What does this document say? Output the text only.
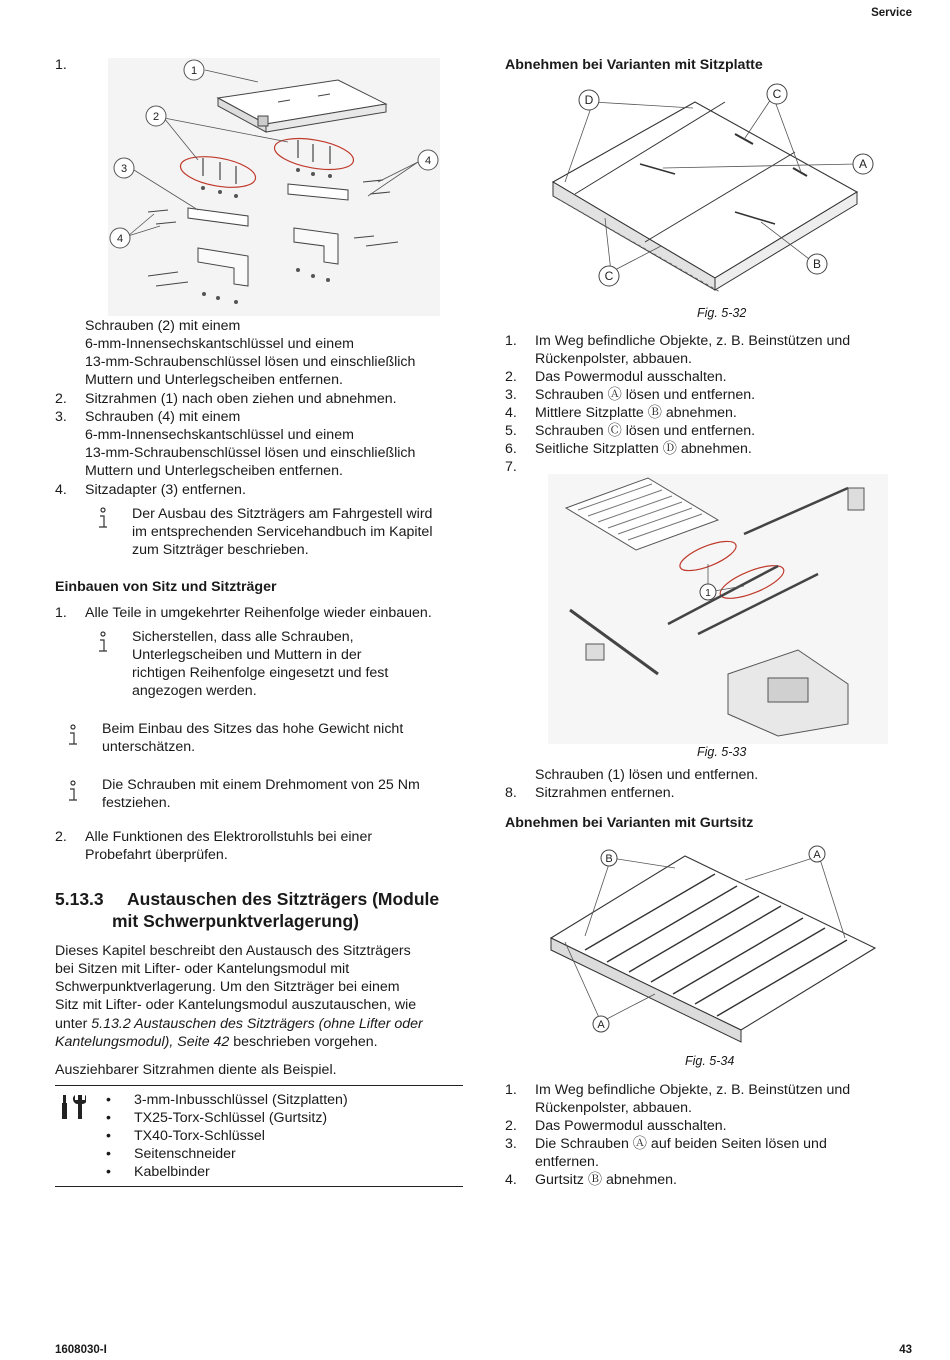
Service
1.	1
2
3
4
4
Schrauben (2) mit einem
6-mm-Innensechskantschlüssel und einem
13-mm-Schraubenschlüssel lösen und einschließlich
Muttern und Unterlegscheiben entfernen.
2. Sitzrahmen (1) nach oben ziehen und abnehmen.
3. Schrauben (4) mit einem
6-mm-Innensechskantschlüssel und einem
13-mm-Schraubenschlüssel lösen und einschließlich
Muttern und Unterlegscheiben entfernen.
4. Sitzadapter (3) entfernen.
Der Ausbau des Sitzträgers am Fahrgestell wird
im entsprechenden Servicehandbuch im Kapitel
zum Sitzträger beschrieben.
Einbauen von Sitz und Sitzträger
1. Alle Teile in umgekehrter Reihenfolge wieder einbauen.
Sicherstellen, dass alle Schrauben,
Unterlegscheiben und Muttern in der
richtigen Reihenfolge eingesetzt und fest
angezogen werden.
Beim Einbau des Sitzes das hohe Gewicht nicht
unterschätzen.
Die Schrauben mit einem Drehmoment von 25 Nm
festziehen.
2. Alle Funktionen des Elektrorollstuhls bei einer
Probefahrt überprüfen.
5.13.3 Austauschen des Sitzträgers (Module
mit Schwerpunktverlagerung)
Dieses Kapitel beschreibt den Austausch des Sitzträgers
bei Sitzen mit Lifter- oder Kantelungsmodul mit
Schwerpunktverlagerung. Um den Sitzträger bei einem
Sitz mit Lifter- oder Kantelungsmodul auszutauschen, wie
unter 5.13.2 Austauschen des Sitzträgers (ohne Lifter oder
Kantelungsmodul), Seite 42 beschrieben vorgehen.
Ausziehbarer Sitzrahmen diente als Beispiel.
• 3-mm-Inbusschlüssel (Sitzplatten)
• TX25-Torx-Schlüssel (Gurtsitz)
• TX40-Torx-Schlüssel
• Seitenschneider
• Kabelbinder
Abnehmen bei Varianten mit Sitzplatte
D	C
A
C
B
Fig. 5-32
1. Im Weg befindliche Objekte, z. B. Beinstützen und
Rückenpolster, abbauen.
2. Das Powermodul ausschalten.
3. Schrauben Ⓐ lösen und entfernen.
4. Mittlere Sitzplatte Ⓑ abnehmen.
5. Schrauben Ⓒ lösen und entfernen.
6. Seitliche Sitzplatten Ⓓ abnehmen.
7.
1
Fig. 5-33
Schrauben (1) lösen und entfernen.
8. Sitzrahmen entfernen.
Abnehmen bei Varianten mit Gurtsitz
B	A
A
Fig. 5-34
1. Im Weg befindliche Objekte, z. B. Beinstützen und
Rückenpolster, abbauen.
2. Das Powermodul ausschalten.
3. Die Schrauben Ⓐ auf beiden Seiten lösen und
entfernen.
4. Gurtsitz Ⓑ abnehmen.
1608030-I	43
